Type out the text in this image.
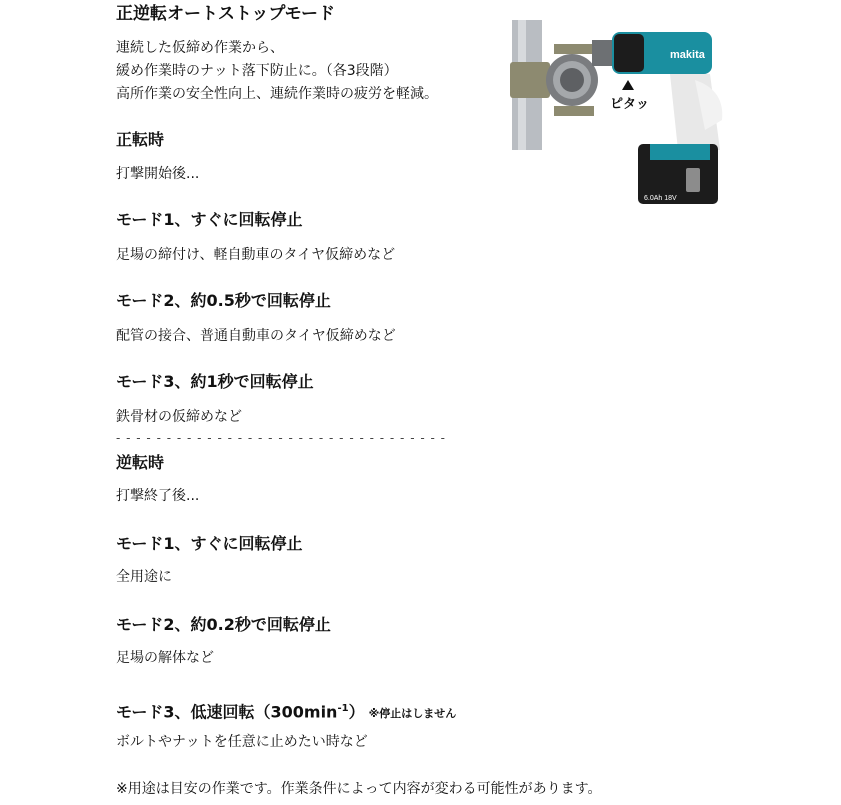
正逆転オートストップモード
連続した仮締め作業から、
緩め作業時のナット落下防止に。（各3段階）
高所作業の安全性向上、連続作業時の疲労を軽減。
makita
6.0Ah 18V
ピタッ
正転時

打撃開始後...

モード1、すぐに回転停止

足場の締付け、軽自動車のタイヤ仮締めなど

モード2、約0.5秒で回転停止

配管の接合、普通自動車のタイヤ仮締めなど

モード3、約1秒で回転停止

鉄骨材の仮締めなど

- - - - - - - - - - - - - - - - - - - - - - - - - - - - - - - - -
逆転時

打撃終了後...

モード1、すぐに回転停止

全用途に

モード2、約0.2秒で回転停止

足場の解体など

モード3、低速回転$(300\min^{-1})$ ※停止はしません

ボルトやナットを任意に止めたい時など

※用途は目安の作業です。作業条件によって内容が変わる可能性があります。
